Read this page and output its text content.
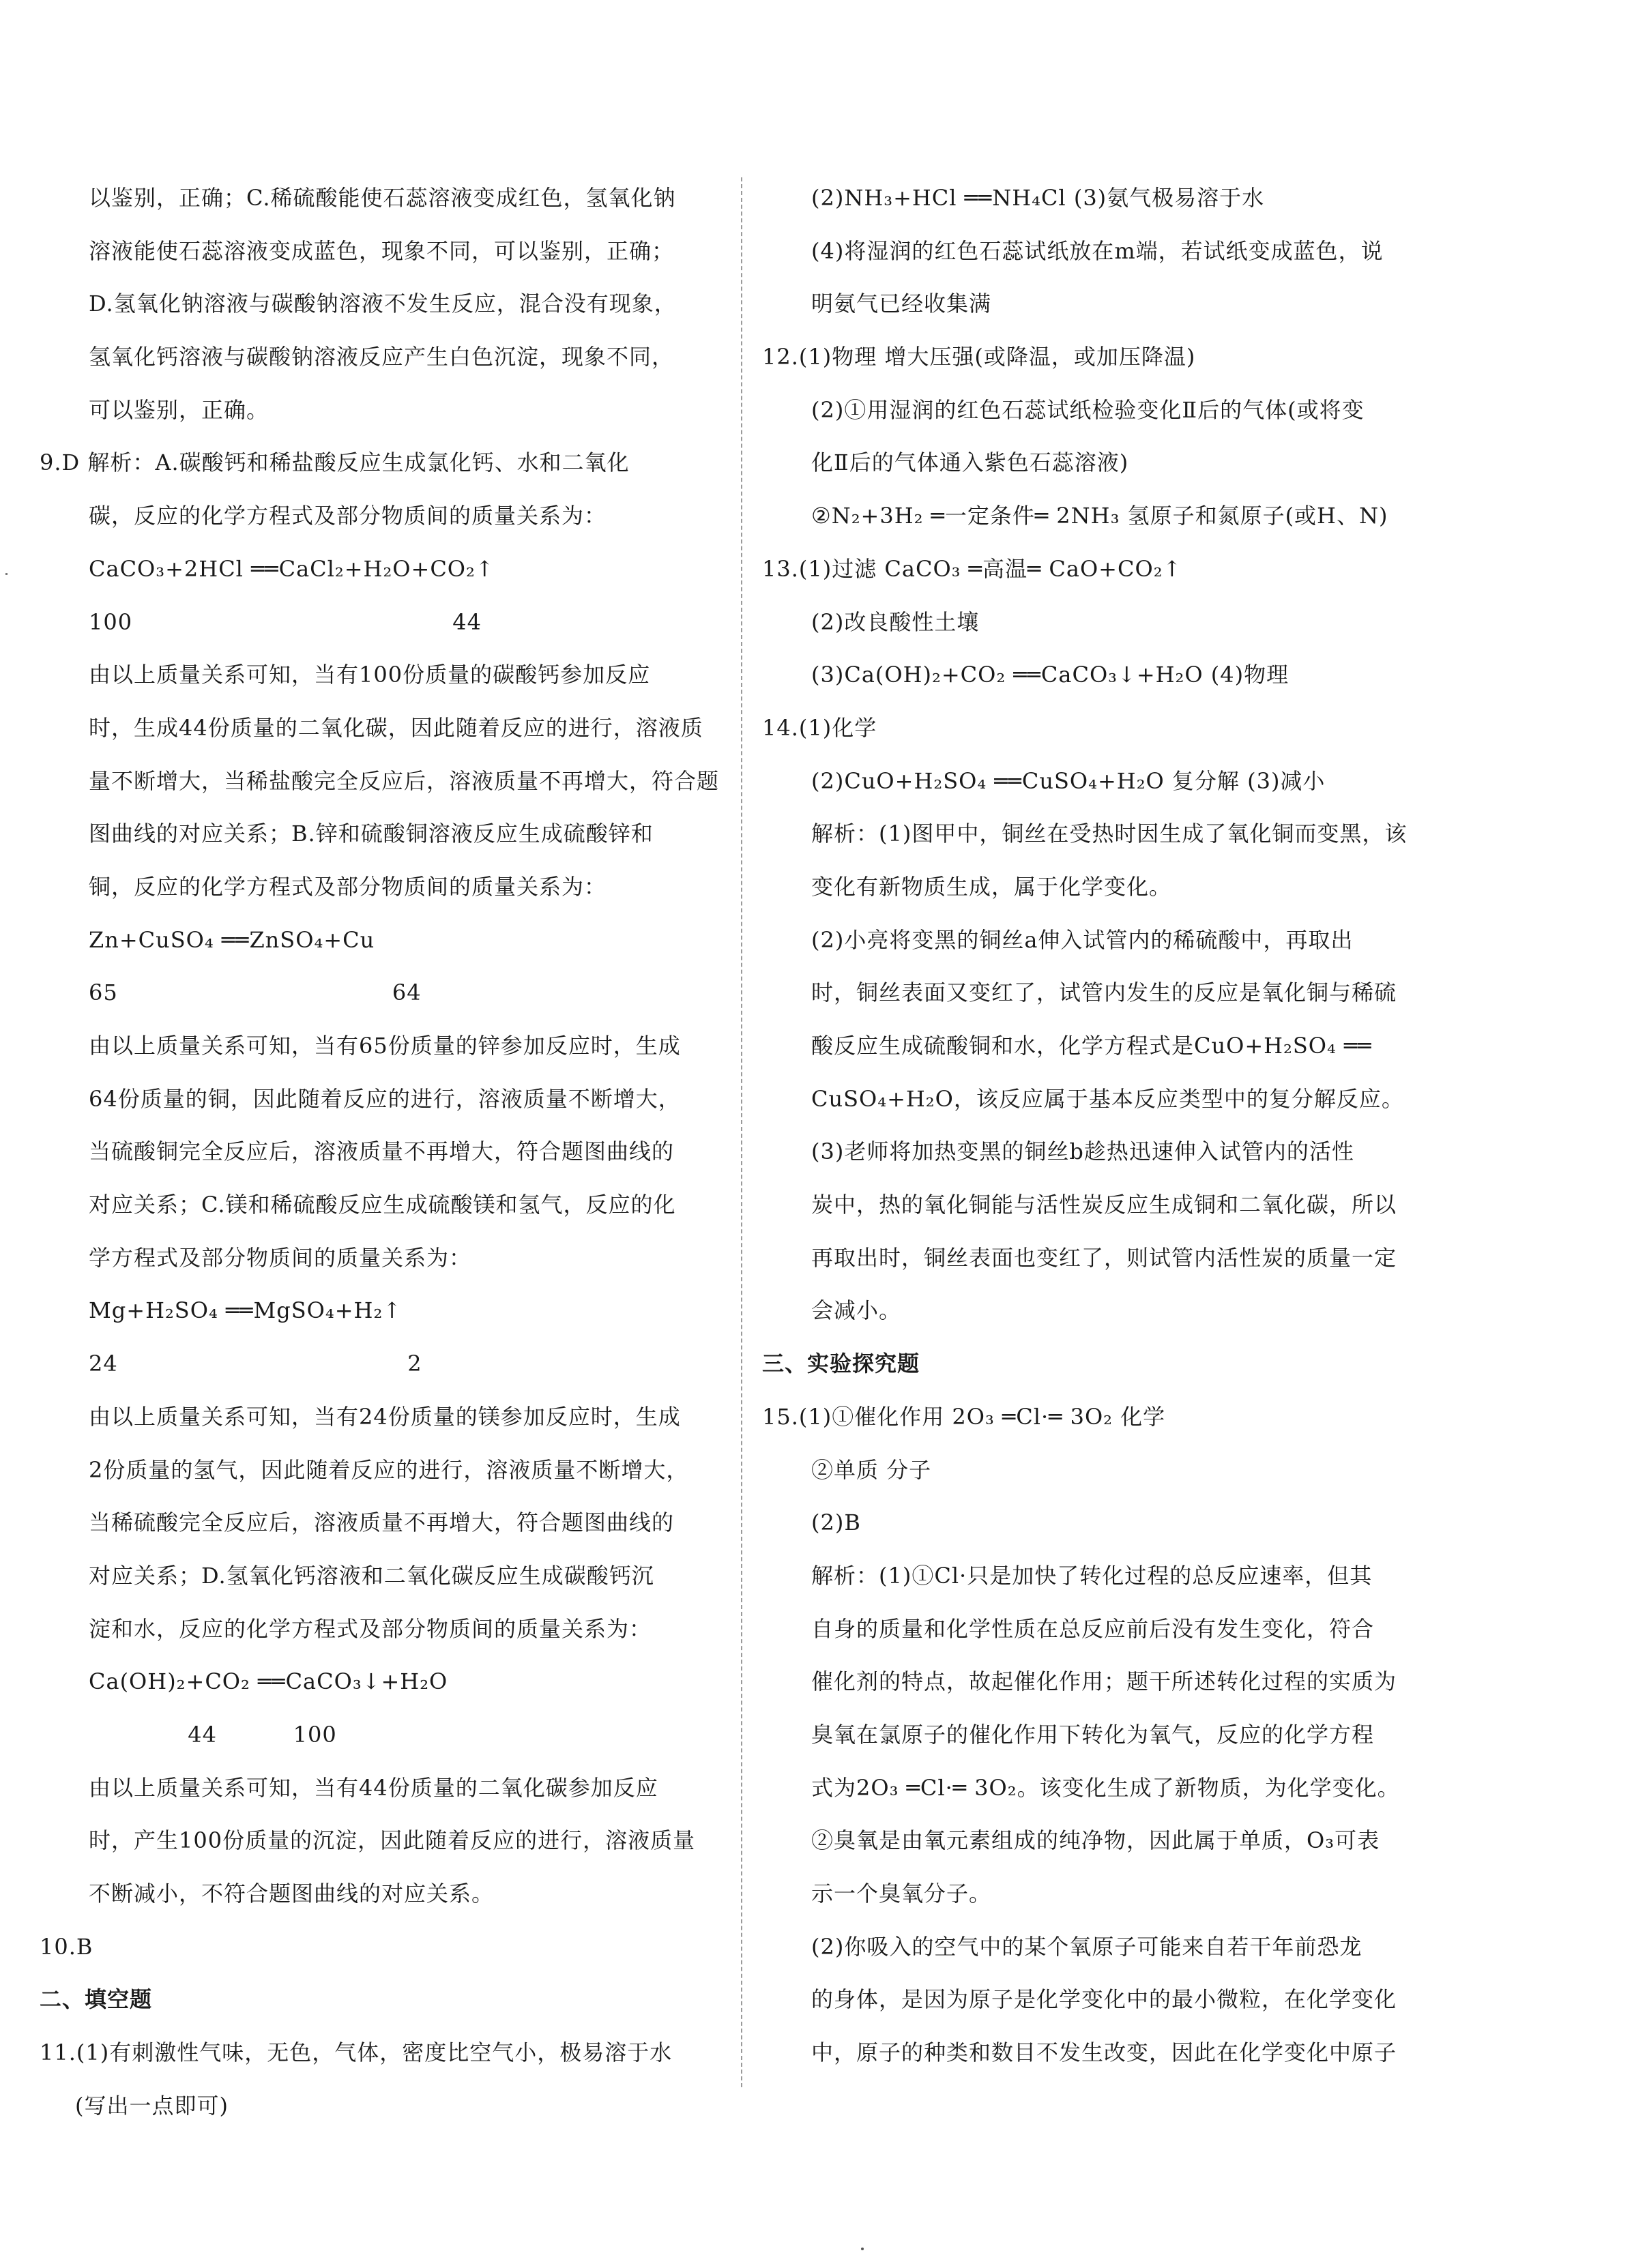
以鉴别，正确；C.稀硫酸能使石蕊溶液变成红色，氢氧化钠
溶液能使石蕊溶液变成蓝色，现象不同，可以鉴别，正确；
D.氢氧化钠溶液与碳酸钠溶液不发生反应，混合没有现象，
氢氧化钙溶液与碳酸钠溶液反应产生白色沉淀，现象不同，
可以鉴别，正确。
9.D 解析：A.碳酸钙和稀盐酸反应生成氯化钙、水和二氧化
碳，反应的化学方程式及部分物质间的质量关系为：
CaCO₃+2HCl ══CaCl₂+H₂O+CO₂↑
100                                          44
由以上质量关系可知，当有100份质量的碳酸钙参加反应
时，生成44份质量的二氧化碳，因此随着反应的进行，溶液质
量不断增大，当稀盐酸完全反应后，溶液质量不再增大，符合题
图曲线的对应关系；B.锌和硫酸铜溶液反应生成硫酸锌和
铜，反应的化学方程式及部分物质间的质量关系为：
Zn+CuSO₄ ══ZnSO₄+Cu
65                                    64
由以上质量关系可知，当有65份质量的锌参加反应时，生成
64份质量的铜，因此随着反应的进行，溶液质量不断增大，
当硫酸铜完全反应后，溶液质量不再增大，符合题图曲线的
对应关系；C.镁和稀硫酸反应生成硫酸镁和氢气，反应的化
学方程式及部分物质间的质量关系为：
Mg+H₂SO₄ ══MgSO₄+H₂↑
24                                      2
由以上质量关系可知，当有24份质量的镁参加反应时，生成
2份质量的氢气，因此随着反应的进行，溶液质量不断增大，
当稀硫酸完全反应后，溶液质量不再增大，符合题图曲线的
对应关系；D.氢氧化钙溶液和二氧化碳反应生成碳酸钙沉
淀和水，反应的化学方程式及部分物质间的质量关系为：
Ca(OH)₂+CO₂ ══CaCO₃↓+H₂O
44          100
由以上质量关系可知，当有44份质量的二氧化碳参加反应
时，产生100份质量的沉淀，因此随着反应的进行，溶液质量
不断减小，不符合题图曲线的对应关系。
10.B
二、填空题
11.(1)有刺激性气味，无色，气体，密度比空气小，极易溶于水
(写出一点即可)
(2)NH₃+HCl ══NH₄Cl (3)氨气极易溶于水
(4)将湿润的红色石蕊试纸放在m端，若试纸变成蓝色，说
明氨气已经收集满
12.(1)物理 增大压强(或降温，或加压降温)
(2)①用湿润的红色石蕊试纸检验变化Ⅱ后的气体(或将变
化Ⅱ后的气体通入紫色石蕊溶液)
②N₂+3H₂ ═一定条件═ 2NH₃ 氢原子和氮原子(或H、N)
13.(1)过滤 CaCO₃ ═高温═ CaO+CO₂↑
(2)改良酸性土壤
(3)Ca(OH)₂+CO₂ ══CaCO₃↓+H₂O (4)物理
14.(1)化学
(2)CuO+H₂SO₄ ══CuSO₄+H₂O 复分解 (3)减小
解析：(1)图甲中，铜丝在受热时因生成了氧化铜而变黑，该
变化有新物质生成，属于化学变化。
(2)小亮将变黑的铜丝a伸入试管内的稀硫酸中，再取出
时，铜丝表面又变红了，试管内发生的反应是氧化铜与稀硫
酸反应生成硫酸铜和水，化学方程式是CuO+H₂SO₄ ══
CuSO₄+H₂O，该反应属于基本反应类型中的复分解反应。
(3)老师将加热变黑的铜丝b趁热迅速伸入试管内的活性
炭中，热的氧化铜能与活性炭反应生成铜和二氧化碳，所以
再取出时，铜丝表面也变红了，则试管内活性炭的质量一定
会减小。
三、实验探究题
15.(1)①催化作用 2O₃ ═Cl·═ 3O₂ 化学
②单质 分子
(2)B
解析：(1)①Cl·只是加快了转化过程的总反应速率，但其
自身的质量和化学性质在总反应前后没有发生变化，符合
催化剂的特点，故起催化作用；题干所述转化过程的实质为
臭氧在氯原子的催化作用下转化为氧气，反应的化学方程
式为2O₃ ═Cl·═ 3O₂。该变化生成了新物质，为化学变化。
②臭氧是由氧元素组成的纯净物，因此属于单质，O₃可表
示一个臭氧分子。
(2)你吸入的空气中的某个氧原子可能来自若干年前恐龙
的身体，是因为原子是化学变化中的最小微粒，在化学变化
中，原子的种类和数目不发生改变，因此在化学变化中原子
